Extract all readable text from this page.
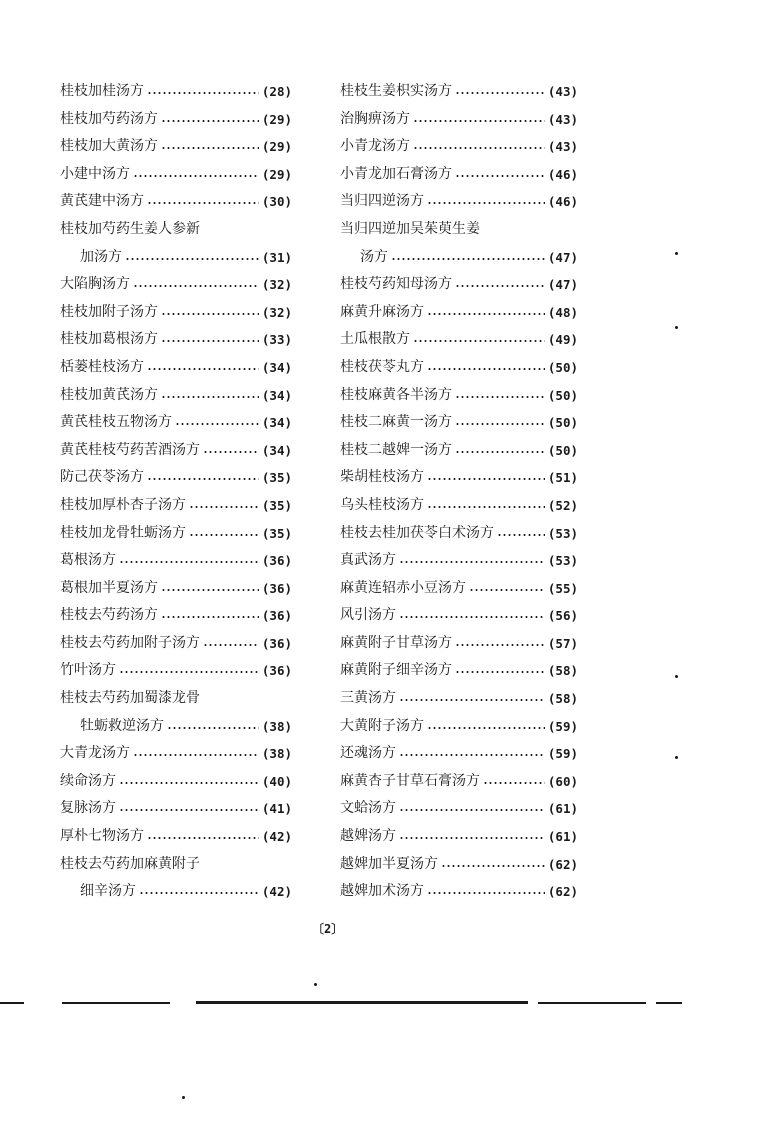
桂枝加桂汤方	(28)
桂枝加芍药汤方	(29)
桂枝加大黄汤方	(29)
小建中汤方	(29)
黄芪建中汤方	(30)
桂枝加芍药生姜人参新
加汤方	(31)
大陷胸汤方	(32)
桂枝加附子汤方	(32)
桂枝加葛根汤方	(33)
栝蒌桂枝汤方	(34)
桂枝加黄芪汤方	(34)
黄芪桂枝五物汤方	(34)
黄芪桂枝芍药苦酒汤方	(34)
防己茯苓汤方	(35)
桂枝加厚朴杏子汤方	(35)
桂枝加龙骨牡蛎汤方	(35)
葛根汤方	(36)
葛根加半夏汤方	(36)
桂枝去芍药汤方	(36)
桂枝去芍药加附子汤方	(36)
竹叶汤方	(36)
桂枝去芍药加蜀漆龙骨
牡蛎救逆汤方	(38)
大青龙汤方	(38)
续命汤方	(40)
复脉汤方	(41)
厚朴七物汤方	(42)
桂枝去芍药加麻黄附子
细辛汤方	(42)
桂枝生姜枳实汤方	(43)
治胸痹汤方	(43)
小青龙汤方	(43)
小青龙加石膏汤方	(46)
当归四逆汤方	(46)
当归四逆加吴茱萸生姜
汤方	(47)
桂枝芍药知母汤方	(47)
麻黄升麻汤方	(48)
土瓜根散方	(49)
桂枝茯苓丸方	(50)
桂枝麻黄各半汤方	(50)
桂枝二麻黄一汤方	(50)
桂枝二越婢一汤方	(50)
柴胡桂枝汤方	(51)
乌头桂枝汤方	(52)
桂枝去桂加茯苓白术汤方	(53)
真武汤方	(53)
麻黄连轺赤小豆汤方	(55)
风引汤方	(56)
麻黄附子甘草汤方	(57)
麻黄附子细辛汤方	(58)
三黄汤方	(58)
大黄附子汤方	(59)
还魂汤方	(59)
麻黄杏子甘草石膏汤方	(60)
文蛤汤方	(61)
越婢汤方	(61)
越婢加半夏汤方	(62)
越婢加术汤方	(62)
〔2〕
